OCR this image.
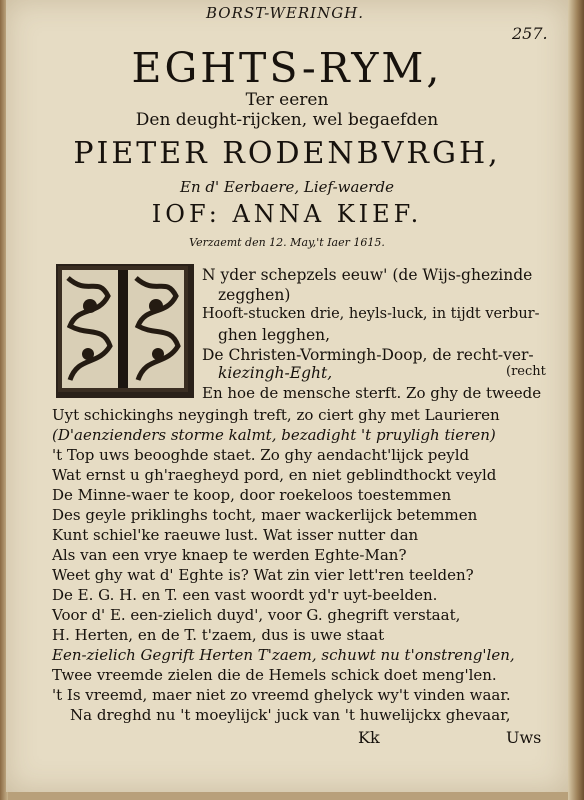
BORST-WERINGH.
257.
EGHTS-RYM,
Ter eeren
Den deught-rijcken, wel begaefden
PIETER RODENBVRGH,
En d' Eerbaere, Lief-waerde
IOF: ANNA KIEF.
Verzaemt den 12. May,'t Iaer 1615.
N yder schepzels eeuw' (de Wijs-ghezinde
zegghen)
Hooft-stucken drie, heyls-luck, in tijdt verbur-
ghen legghen,
De Christen-Vormingh-Doop, de recht-ver-
kiezingh-Eght,	(recht
En hoe de mensche sterft. Zo ghy de tweede
Uyt schickinghs neygingh treft, zo ciert ghy met Laurieren
(D'aenzienders storme kalmt, bezadight 't pruyligh tieren)
't Top uws beooghde staet. Zo ghy aendacht'lijck peyld
Wat ernst u gh'raegheyd pord, en niet geblindthockt veyld
De Minne-waer te koop, door roekeloos toestemmen
Des geyle priklinghs tocht, maer wackerlijck betemmen
Kunt schiel'ke raeuwe lust. Wat isser nutter dan
Als van een vrye knaep te werden Eghte-Man?
Weet ghy wat d' Eghte is? Wat zin vier lett'ren teelden?
De E. G. H. en T. een vast woordt yd'r uyt-beelden.
Voor d' E. een-zielich duyd', voor G. ghegrift verstaat,
H. Herten, en de T. t'zaem, dus is uwe staat
Een-zielich Gegrift Herten T'zaem, schuwt nu t'onstreng'len,
Twee vreemde zielen die de Hemels schick doet meng'len.
't Is vreemd, maer niet zo vreemd ghelyck wy't vinden waar.
Na dreghd nu 't moeylijck' juck van 't huwelijckx ghevaar,
Kk	Uws
